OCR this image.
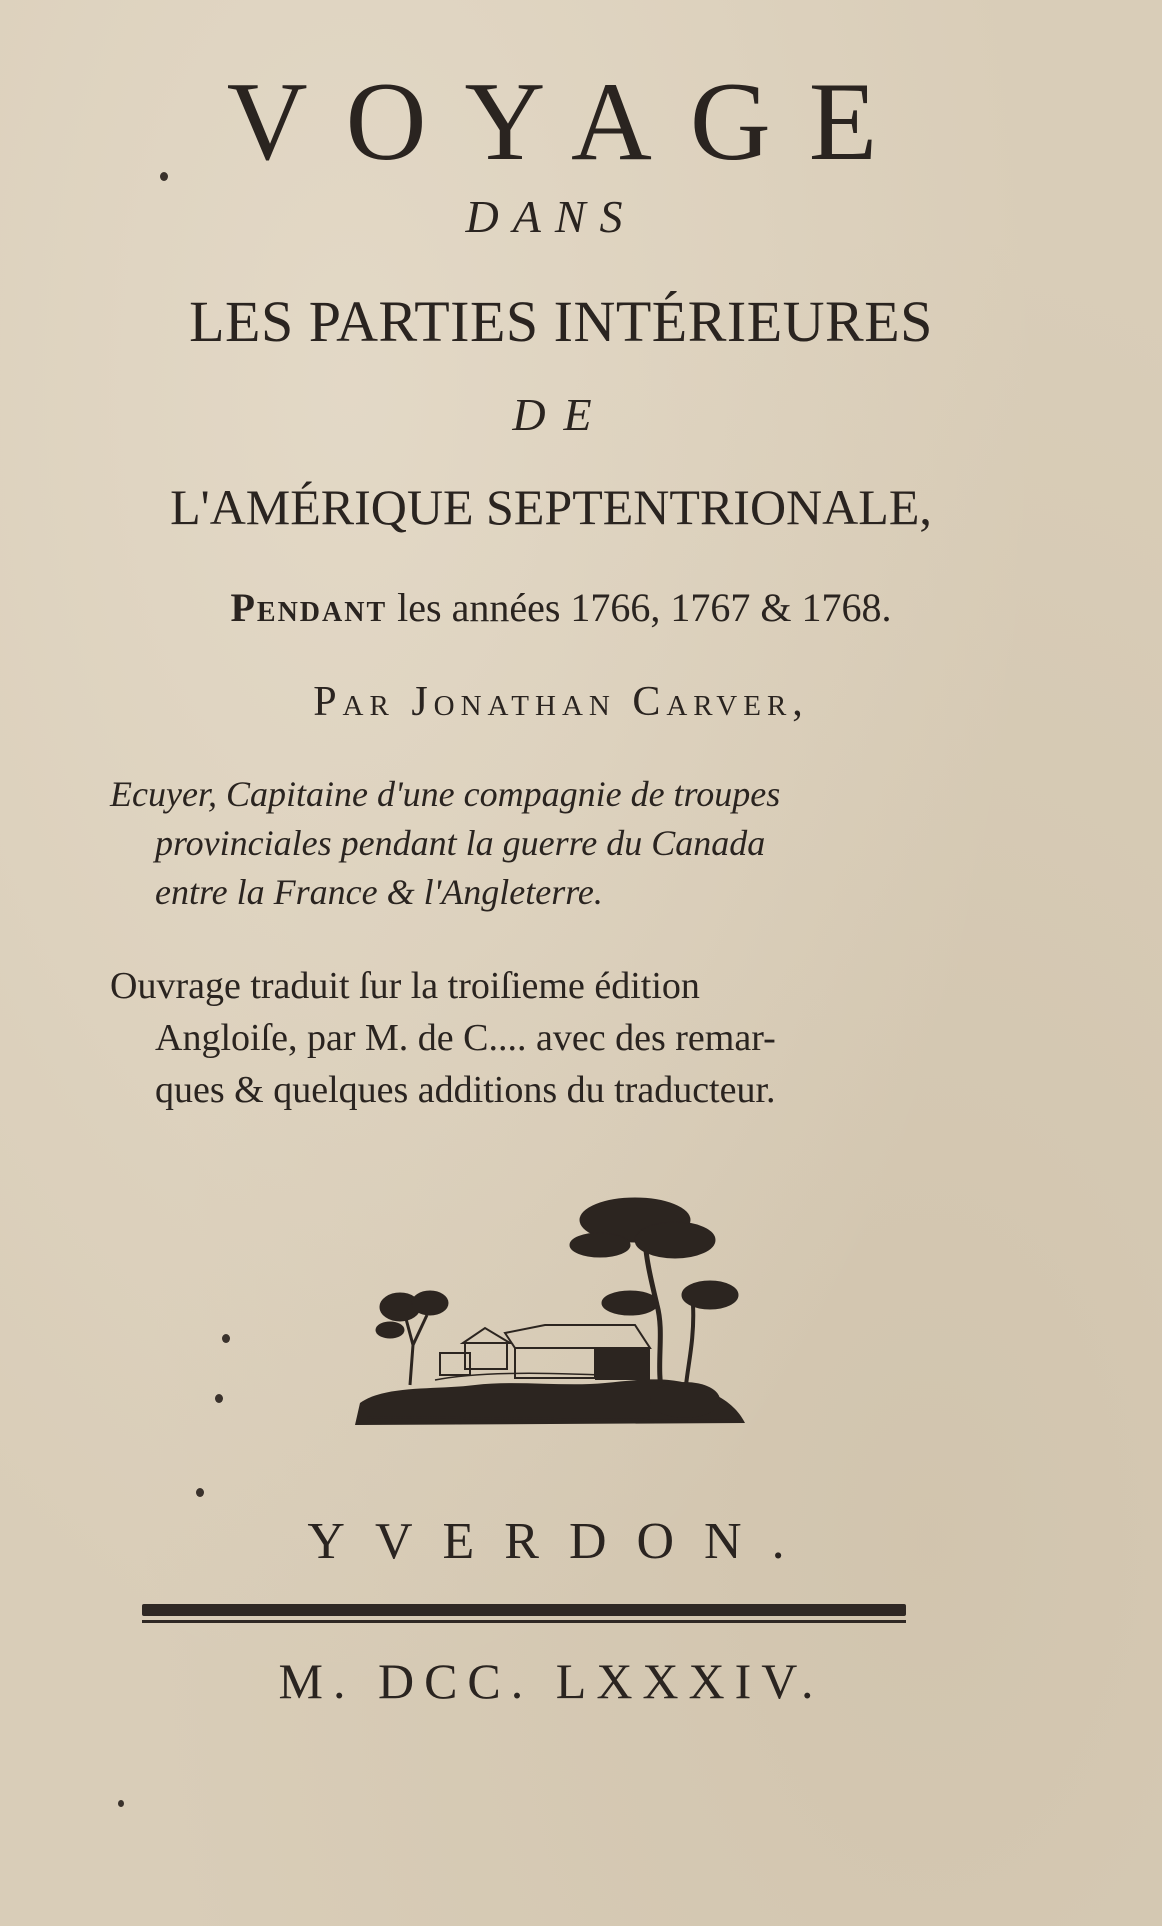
VOYAGE
DANS
LES PARTIES INTÉRIEURES
DE
L'AMÉRIQUE SEPTENTRIONALE,
Pendant les années 1766, 1767 & 1768.
Par Jonathan Carver,
Ecuyer, Capitaine d'une compagnie de troupes
provinciales pendant la guerre du Canada
entre la France & l'Angleterre.
Ouvrage traduit ſur la troiſieme édition
Angloiſe, par M. de C.... avec des remar-
ques & quelques additions du traducteur.
YVERDON.
M. DCC. LXXXIV.
